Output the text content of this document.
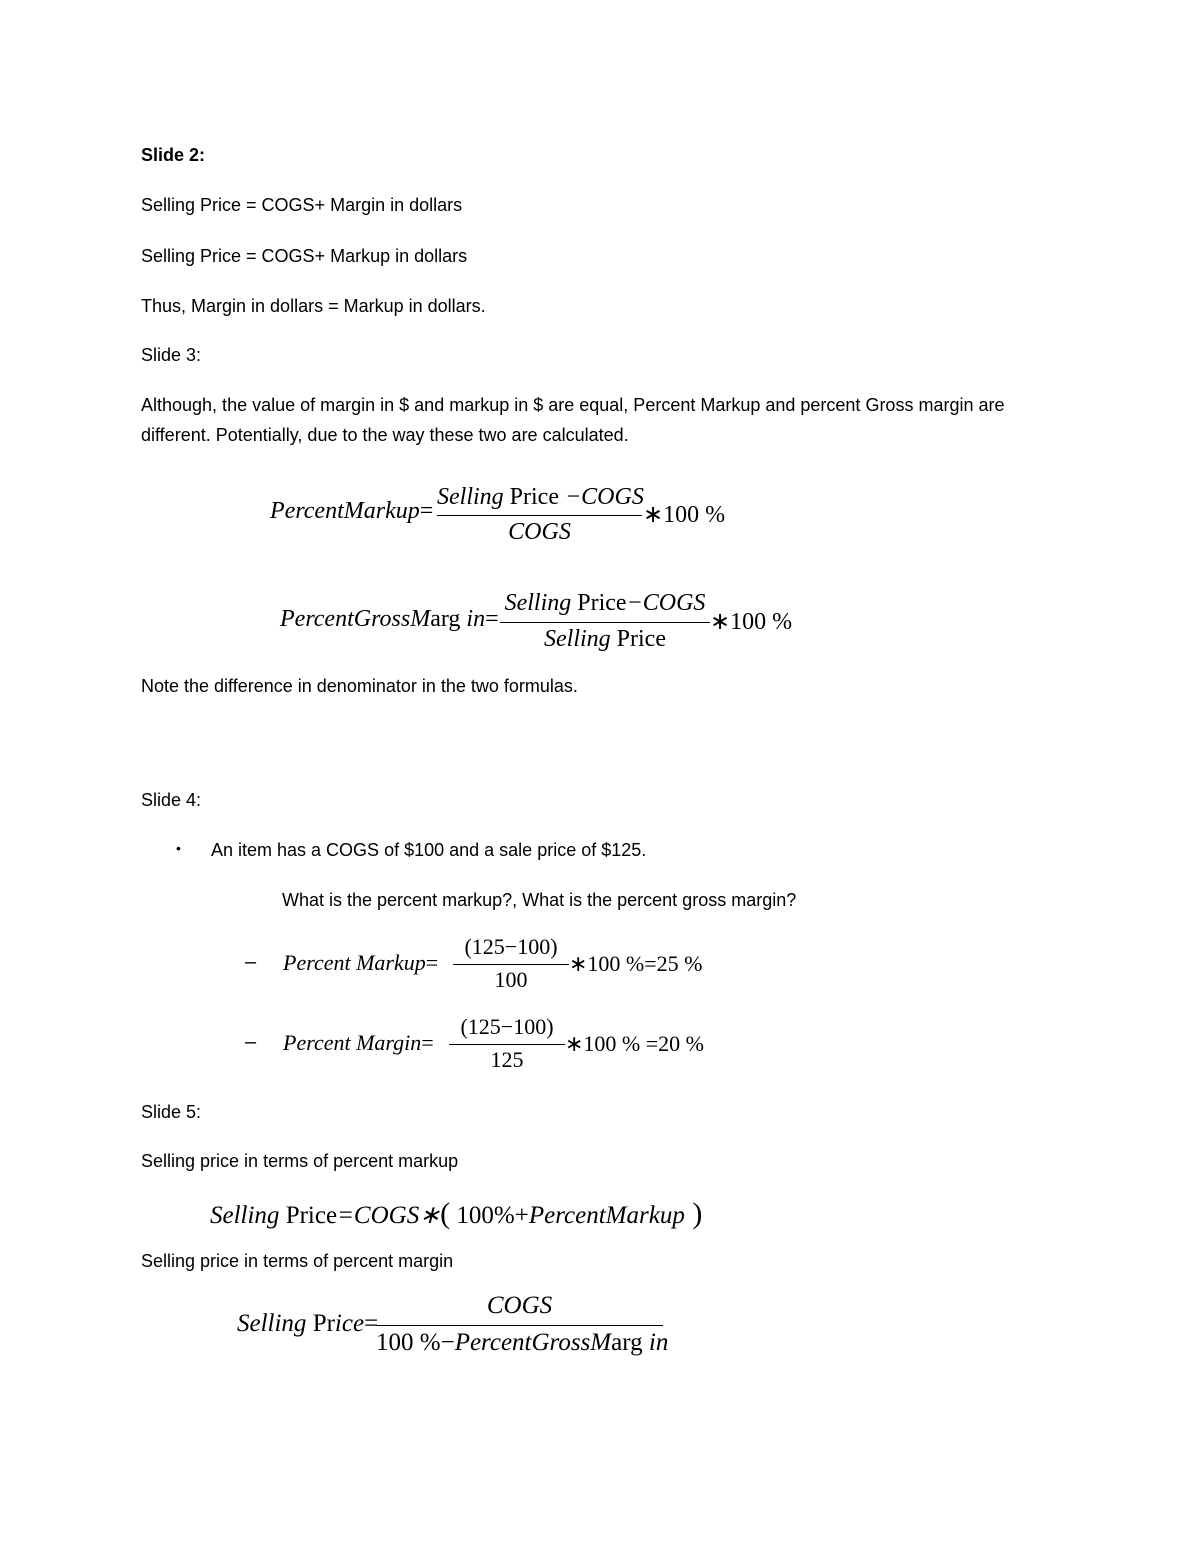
Slide 2:
Selling Price = COGS+ Margin in dollars
Selling Price = COGS+ Markup in dollars
Thus, Margin in dollars = Markup in dollars.
Slide 3:
Although, the value of margin in $ and markup in $ are equal, Percent Markup and percent Gross margin are different. Potentially, due to the way these two are calculated.
PercentMarkup=
Selling Price −COGS
COGS
∗100 %
PercentGrossMarg in=
Selling Price−COGS
Selling Price
∗100 %
Note the difference in denominator in the two formulas.
Slide 4:
• An item has a COGS of $100 and a sale price of $125.
What is the percent markup?, What is the percent gross margin?
– Percent Markup=
(125−100)
100
∗100 %=25 %
– Percent Margin=
(125−100)
125
∗100 % =20 %
Slide 5:
Selling price in terms of percent markup
Selling Price=COGS∗( 100%+PercentMarkup )
Selling price in terms of percent margin
Selling Price=
COGS
100 %−PercentGrossMarg in
